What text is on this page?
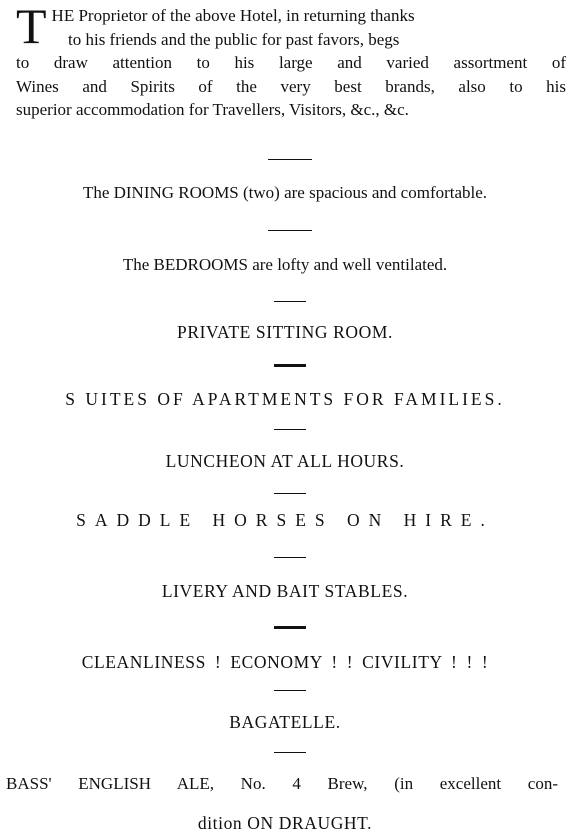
T HE Proprietor of the above Hotel, in returning thanks
to his friends and the public for past favors, begs
to draw attention to his large and varied assortment of
Wines and Spirits of the very best brands, also to his
superior accommodation for Travellers, Visitors, &c., &c.
The DINING ROOMS (two) are spacious and comfortable.
The BEDROOMS are lofty and well ventilated.
PRIVATE SITTING ROOM.
S UITES OF APARTMENTS FOR FAMILIES.
LUNCHEON AT ALL HOURS.
SADDLE HORSES ON HIRE.
LIVERY AND BAIT STABLES.
CLEANLINESS ! ECONOMY ! ! CIVILITY ! ! !
BAGATELLE.
BASS' ENGLISH ALE, No. 4 Brew, (in excellent con-
dition ON DRAUGHT.
